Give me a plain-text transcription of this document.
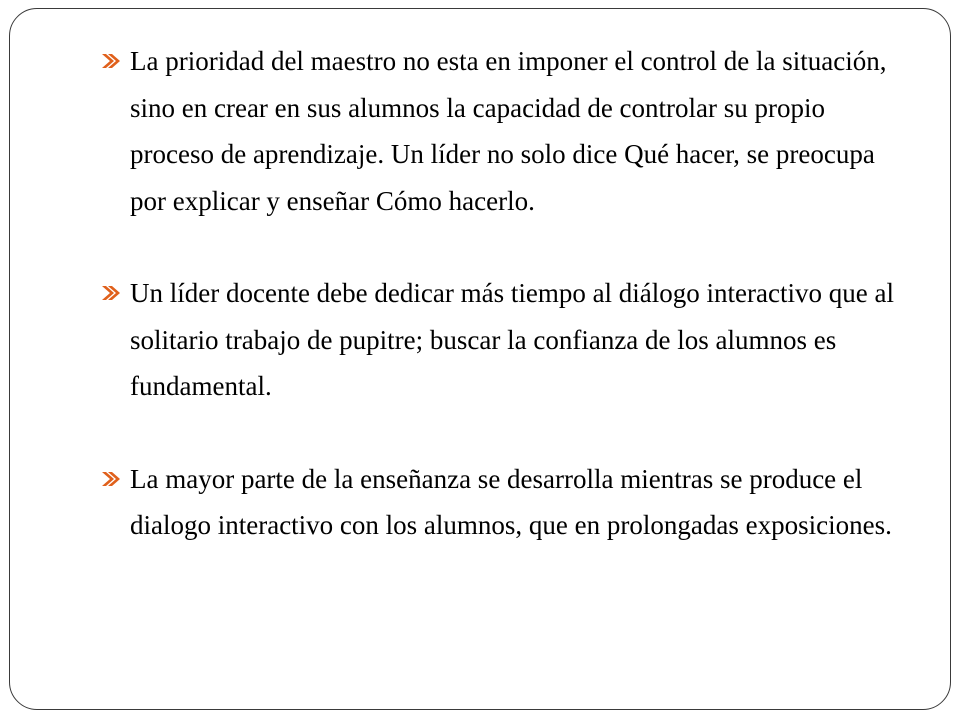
La prioridad del maestro no esta en imponer el control de la situación, sino en crear en sus alumnos la capacidad de controlar su propio proceso de aprendizaje. Un líder no solo dice Qué hacer, se preocupa por explicar y enseñar Cómo hacerlo.
Un líder docente debe dedicar más tiempo al diálogo interactivo que al solitario trabajo de pupitre; buscar la confianza de los alumnos es fundamental.
La mayor parte de la enseñanza se desarrolla mientras se produce el dialogo interactivo con los alumnos, que en prolongadas exposiciones.
